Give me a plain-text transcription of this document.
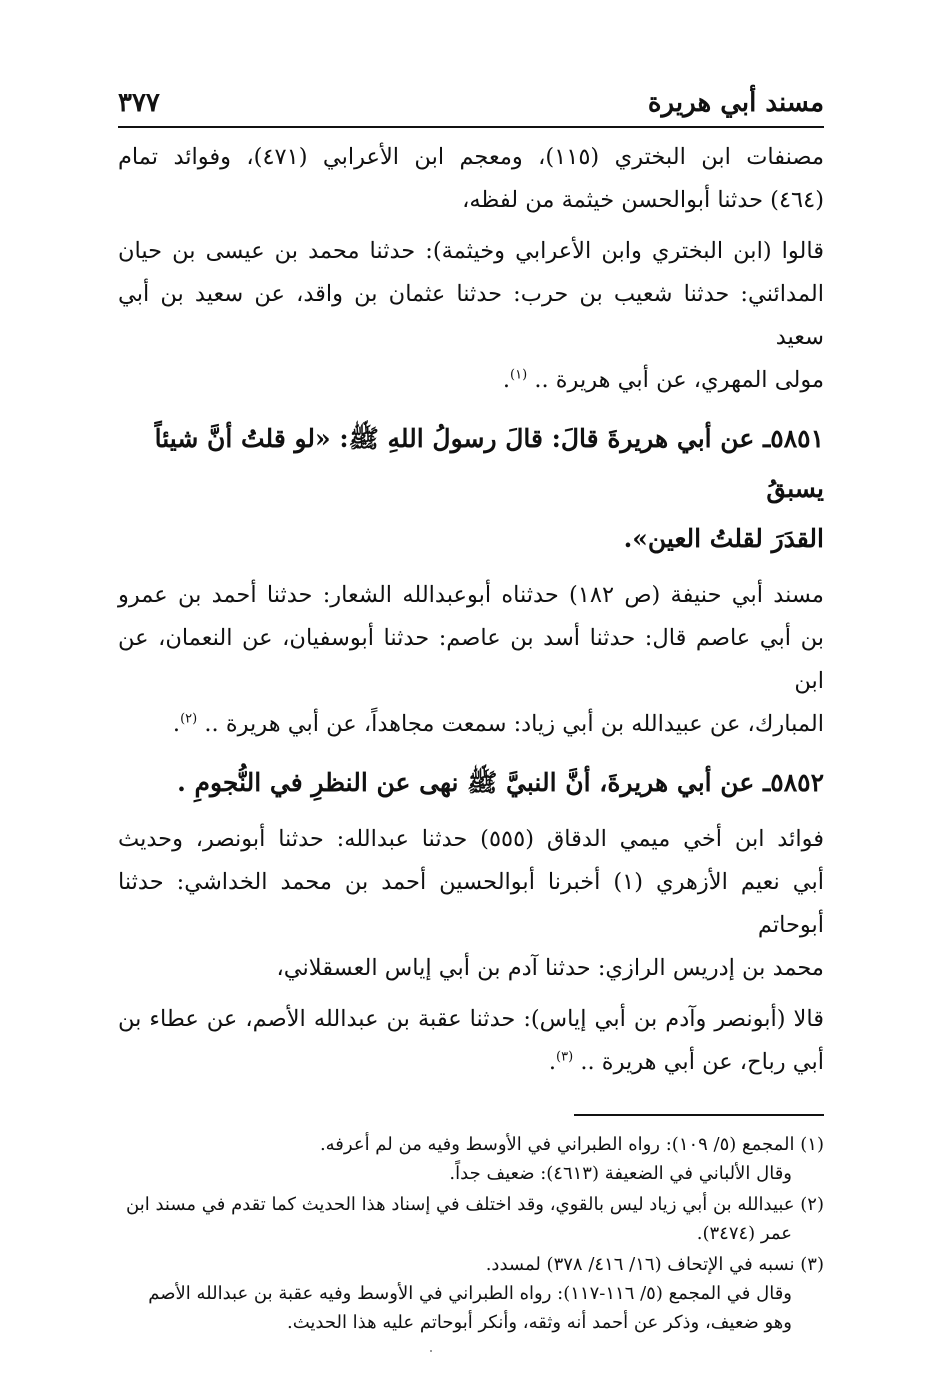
مسند أبي هريرة
٣٧٧

مصنفات ابن البختري (١١٥)، ومعجم ابن الأعرابي (٤٧١)، وفوائد تمام
(٤٦٤) حدثنا أبوالحسن خيثمة من لفظه،

قالوا (ابن البختري وابن الأعرابي وخيثمة): حدثنا محمد بن عيسى بن حيان
المدائني: حدثنا شعيب بن حرب: حدثنا عثمان بن واقد، عن سعيد بن أبي سعيد
مولى المهري، عن أبي هريرة .. $^{(١)}$.

٥٨٥١ـ عن أبي هريرةَ قالَ: قالَ رسولُ اللهِ ﷺ: «لو قلتُ أنَّ شيئاً يسبقُ
القدَرَ لقلتُ العين».

مسند أبي حنيفة (ص ١٨٢) حدثناه أبوعبدالله الشعار: حدثنا أحمد بن عمرو
بن أبي عاصم قال: حدثنا أسد بن عاصم: حدثنا أبوسفيان، عن النعمان، عن ابن
المبارك، عن عبيدالله بن أبي زياد: سمعت مجاهداً، عن أبي هريرة .. $^{(٢)}$.

٥٨٥٢ـ عن أبي هريرةَ، أنَّ النبيَّ ﷺ نهى عن النظرِ في النُّجومِ .

فوائد ابن أخي ميمي الدقاق (٥٥٥) حدثنا عبدالله: حدثنا أبونصر، وحديث
أبي نعيم الأزهري (١) أخبرنا أبوالحسين أحمد بن محمد الخداشي: حدثنا أبوحاتم
محمد بن إدريس الرازي: حدثنا آدم بن أبي إياس العسقلاني،

قالا (أبونصر وآدم بن أبي إياس): حدثنا عقبة بن عبدالله الأصم، عن عطاء بن
أبي رباح، عن أبي هريرة .. $^{(٣)}$.

(١) المجمع (٥/ ١٠٩): رواه الطبراني في الأوسط وفيه من لم أعرفه.
وقال الألباني في الضعيفة (٤٦١٣): ضعيف جداً.

(٢) عبيدالله بن أبي زياد ليس بالقوي، وقد اختلف في إسناد هذا الحديث كما تقدم في مسند ابن
عمر (٣٤٧٤).

(٣) نسبه في الإتحاف (١٦/ ٤١٦/ ٣٧٨) لمسدد.
وقال في المجمع (٥/ ١١٦-١١٧): رواه الطبراني في الأوسط وفيه عقبة بن عبدالله الأصم
وهو ضعيف، وذكر عن أحمد أنه وثقه، وأنكر أبوحاتم عليه هذا الحديث.
